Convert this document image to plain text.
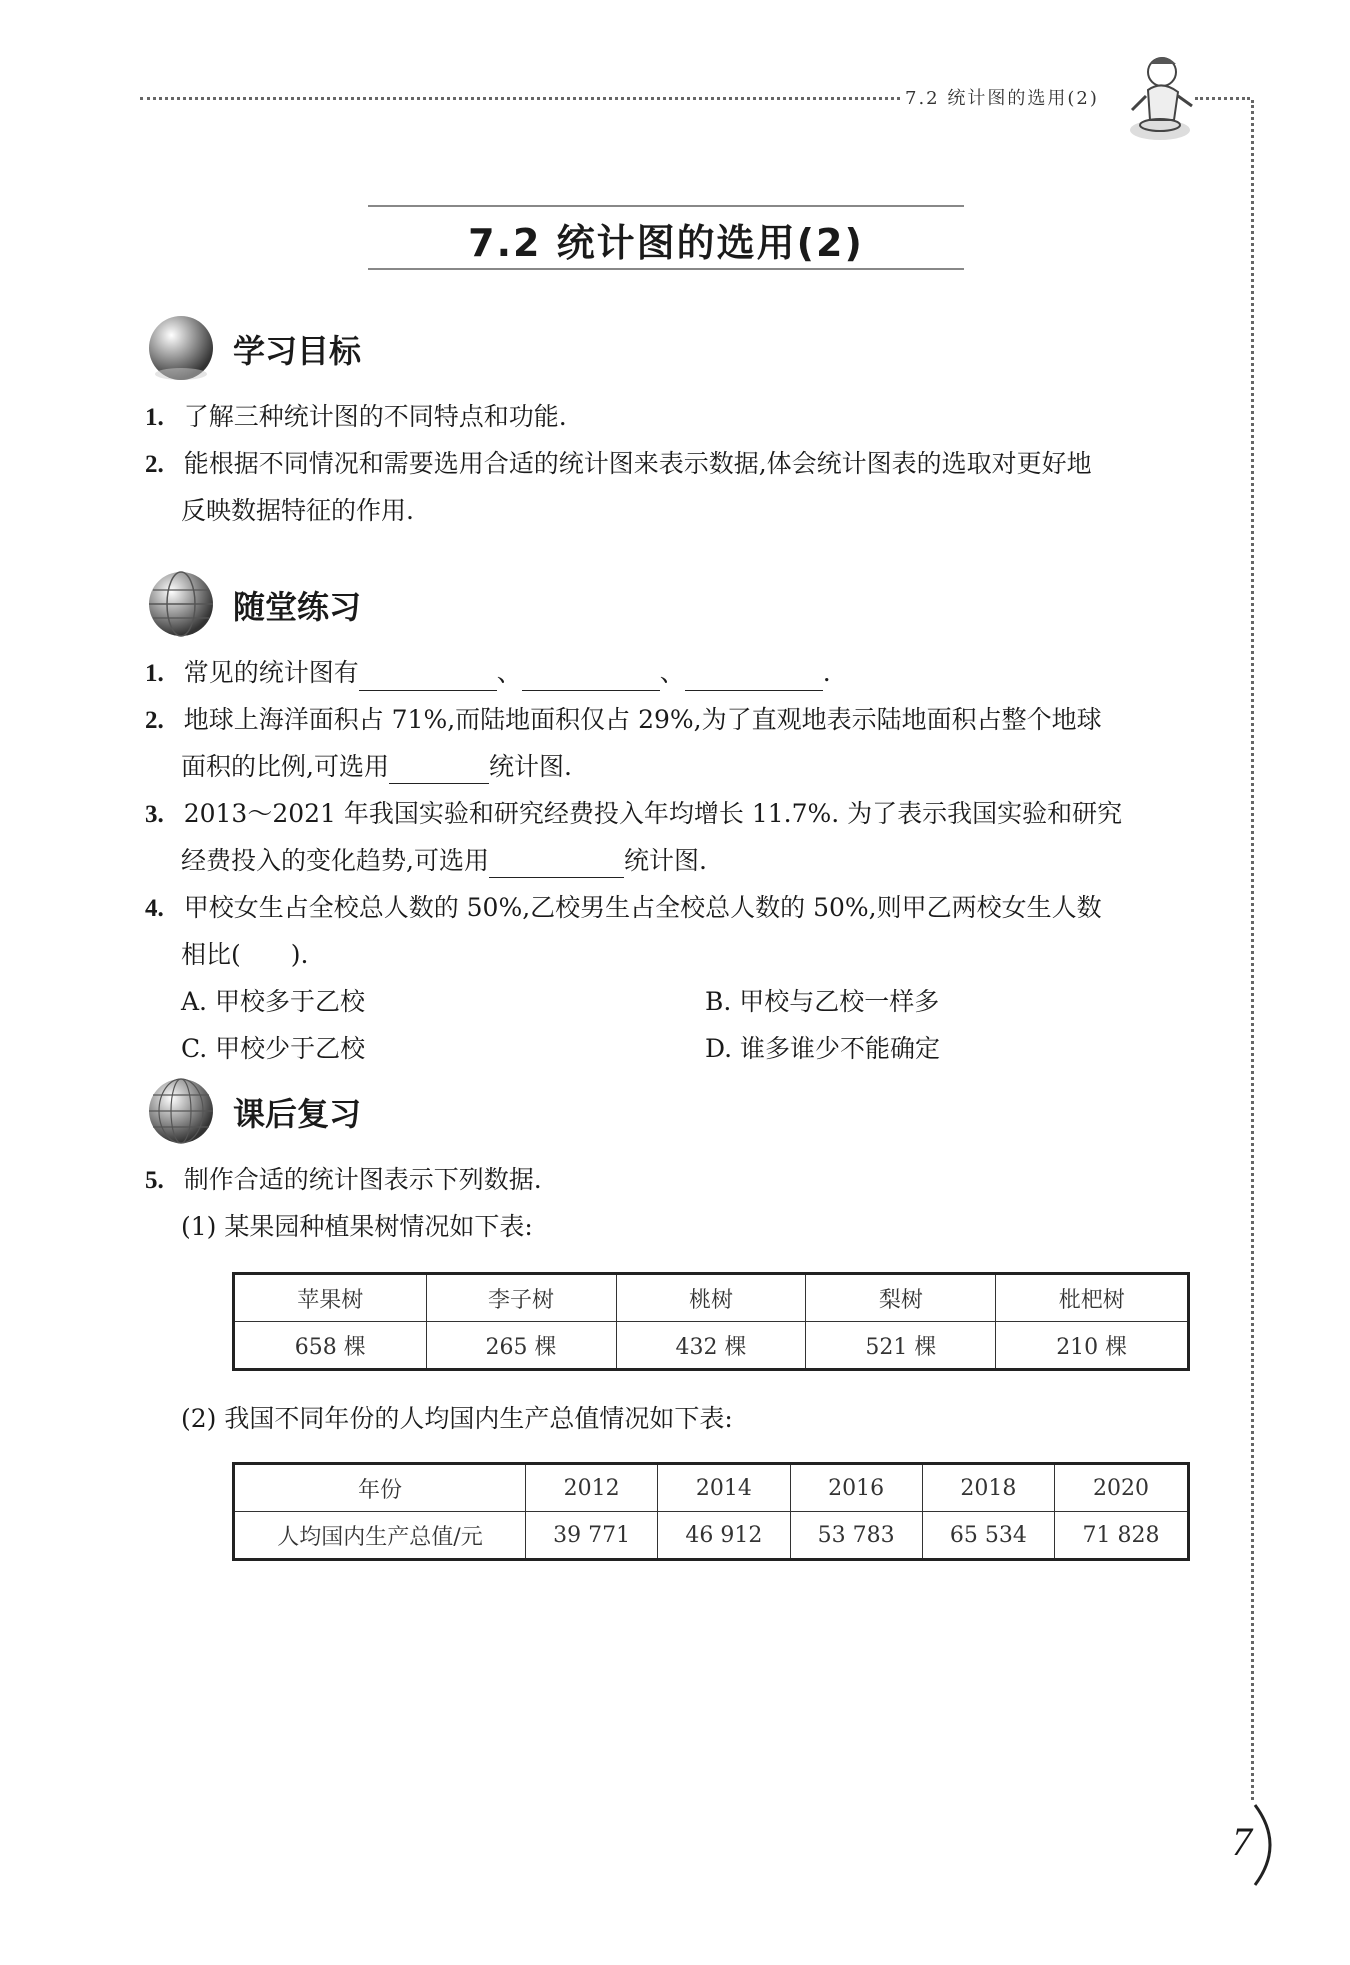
7.2 统计图的选用(2)
7
7.2 统计图的选用(2)
学习目标
1. 了解三种统计图的不同特点和功能.
2. 能根据不同情况和需要选用合适的统计图来表示数据,体会统计图表的选取对更好地
反映数据特征的作用.
随堂练习
1. 常见的统计图有	、	、	.
2. 地球上海洋面积占 71%,而陆地面积仅占 29%,为了直观地表示陆地面积占整个地球
面积的比例,可选用	统计图.
3. 2013～2021 年我国实验和研究经费投入年均增长 11.7%. 为了表示我国实验和研究
经费投入的变化趋势,可选用	统计图.
4. 甲校女生占全校总人数的 50%,乙校男生占全校总人数的 50%,则甲乙两校女生人数
相比(　　).
A. 甲校多于乙校	B. 甲校与乙校一样多
C. 甲校少于乙校	D. 谁多谁少不能确定
课后复习
5. 制作合适的统计图表示下列数据.
(1) 某果园种植果树情况如下表:
苹果树	李子树	桃树	梨树	枇杷树
658 棵	265 棵	432 棵	521 棵	210 棵
(2) 我国不同年份的人均国内生产总值情况如下表:
年份	2012	2014	2016	2018	2020
人均国内生产总值/元	39 771	46 912	53 783	65 534	71 828
